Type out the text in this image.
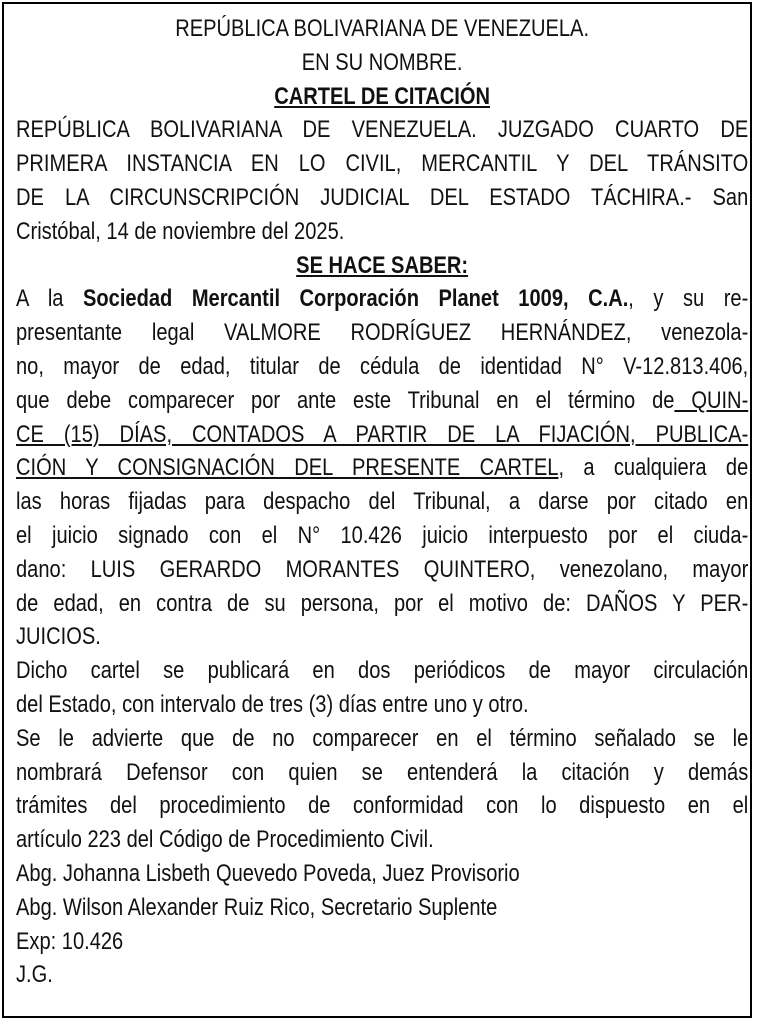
REPÚBLICA BOLIVARIANA DE VENEZUELA.
EN SU NOMBRE.
CARTEL DE CITACIÓN
REPÚBLICA BOLIVARIANA DE VENEZUELA. JUZGADO CUARTO DE
PRIMERA INSTANCIA EN LO CIVIL, MERCANTIL Y DEL TRÁNSITO
DE LA CIRCUNSCRIPCIÓN JUDICIAL DEL ESTADO TÁCHIRA.- San
Cristóbal, 14 de noviembre del 2025.
SE HACE SABER:
A la Sociedad Mercantil Corporación Planet 1009, C.A., y su re-
presentante legal VALMORE RODRÍGUEZ HERNÁNDEZ, venezola-
no, mayor de edad, titular de cédula de identidad N° V-12.813.406,
que debe comparecer por ante este Tribunal en el término de QUIN-
CE (15) DÍAS, CONTADOS A PARTIR DE LA FIJACIÓN, PUBLICA-
CIÓN Y CONSIGNACIÓN DEL PRESENTE CARTEL, a cualquiera de
las horas fijadas para despacho del Tribunal, a darse por citado en
el juicio signado con el N° 10.426 juicio interpuesto por el ciuda-
dano: LUIS GERARDO MORANTES QUINTERO, venezolano, mayor
de edad, en contra de su persona, por el motivo de: DAÑOS Y PER-
JUICIOS.
Dicho cartel se publicará en dos periódicos de mayor circulación
del Estado, con intervalo de tres (3) días entre uno y otro.
Se le advierte que de no comparecer en el término señalado se le
nombrará Defensor con quien se entenderá la citación y demás
trámites del procedimiento de conformidad con lo dispuesto en el
artículo 223 del Código de Procedimiento Civil.
Abg. Johanna Lisbeth Quevedo Poveda, Juez Provisorio
Abg. Wilson Alexander Ruiz Rico, Secretario Suplente
Exp: 10.426
J.G.
